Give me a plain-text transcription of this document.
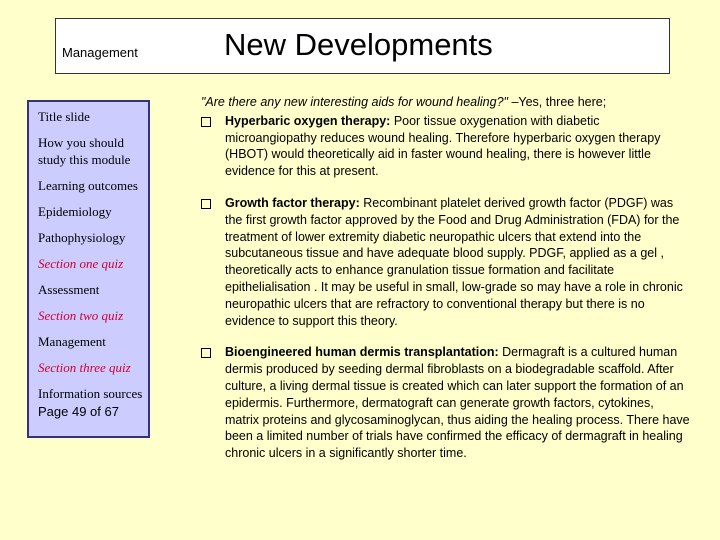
Management	New Developments
Title slide
How you should study this module
Learning outcomes
Epidemiology
Pathophysiology
Section one quiz
Assessment
Section two quiz
Management
Section three quiz
Information sources
Page 49 of 67
"Are there any new interesting aids for wound healing?" –Yes, three here;
Hyperbaric oxygen therapy: Poor tissue oxygenation with diabetic microangiopathy reduces wound healing. Therefore hyperbaric oxygen therapy (HBOT) would theoretically aid in faster wound healing, there is however little evidence for this at present.
Growth factor therapy: Recombinant platelet derived growth factor (PDGF) was the first growth factor approved by the Food and Drug Administration (FDA) for the treatment of lower extremity diabetic neuropathic ulcers that extend into the subcutaneous tissue and have adequate blood supply. PDGF, applied as a gel , theoretically acts to enhance granulation tissue formation and facilitate epithelialisation . It may be useful in small, low-grade so may have a role in chronic neuropathic ulcers that are refractory to conventional therapy but there is no evidence to support this theory.
Bioengineered human dermis transplantation: Dermagraft is a cultured human dermis produced by seeding dermal fibroblasts on a biodegradable scaffold. After culture, a living dermal tissue is created which can later support the formation of an epidermis. Furthermore, dermatograft can generate growth factors, cytokines, matrix proteins and glycosaminoglycan, thus aiding the healing process. There have been a limited number of trials have confirmed the efficacy of dermagraft in healing chronic ulcers in a significantly shorter time.
